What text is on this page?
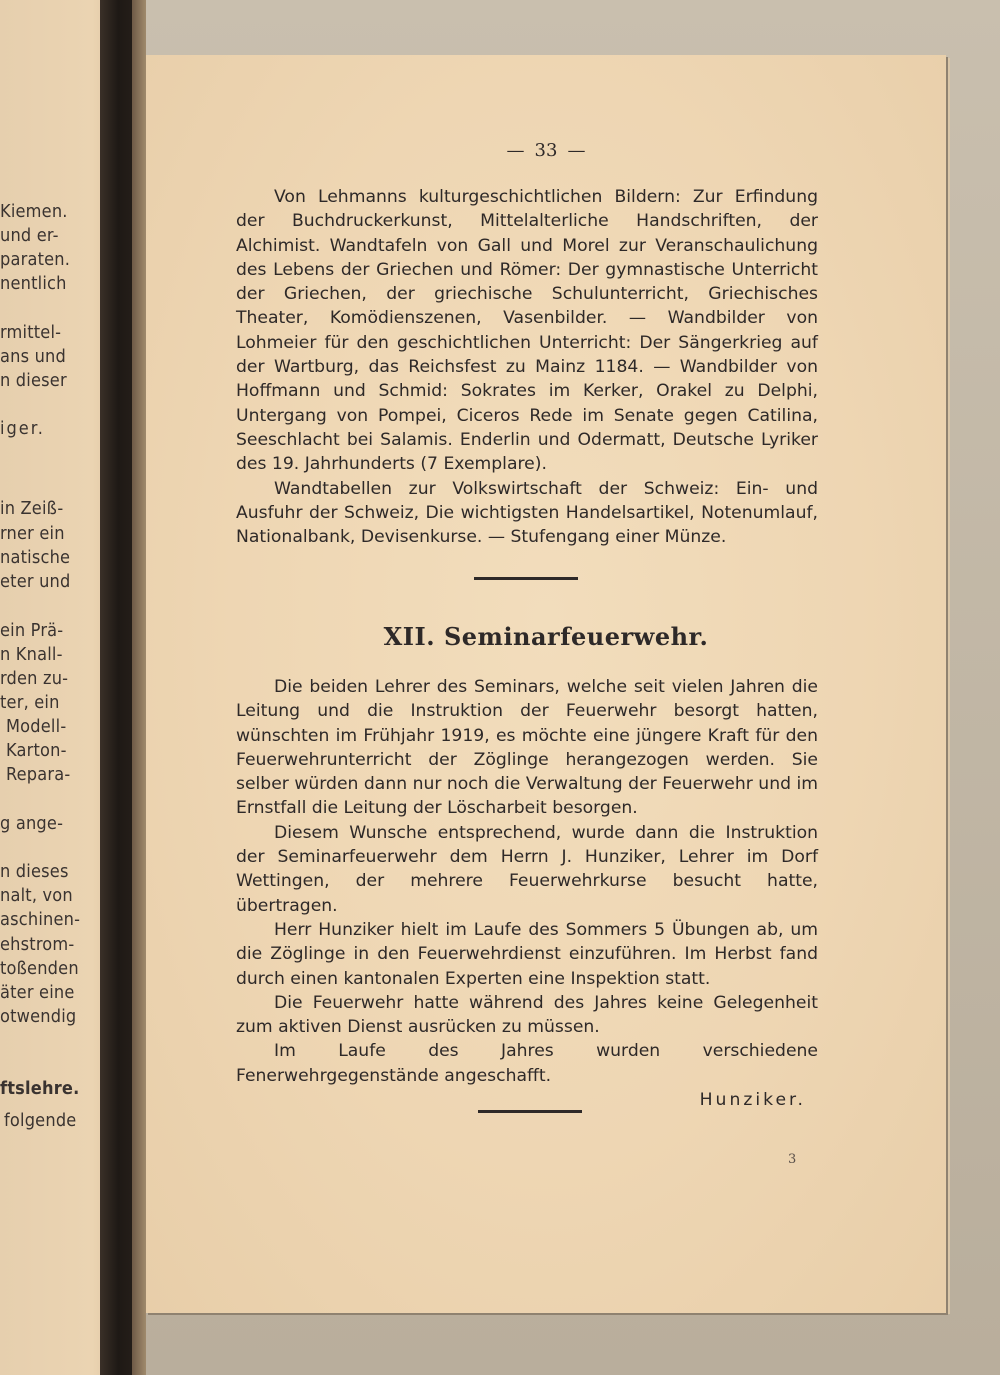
Kiemen.
und er-
paraten.
nentlich
rmittel-
ans und
n dieser
iger.
in Zeiß-
rner ein
natische
eter und
ein Prä-
n Knall-
rden zu-
ter, ein
Modell-
Karton-
Repara-
g ange-
n dieses
nalt, von
aschinen-
ehstrom-
toßenden
äter eine
otwendig
ftslehre.
folgende
— 33 —

Von Lehmanns kulturgeschichtlichen Bildern: Zur Erfindung der Buchdruckerkunst, Mittelalterliche Handschriften, der Alchimist. Wandtafeln von Gall und Morel zur Veranschaulichung des Lebens der Griechen und Römer: Der gymnastische Unterricht der Griechen, der griechische Schulunterricht, Griechisches Theater, Komödienszenen, Vasenbilder. — Wandbilder von Lohmeier für den geschichtlichen Unterricht: Der Sängerkrieg auf der Wartburg, das Reichsfest zu Mainz 1184. — Wandbilder von Hoffmann und Schmid: Sokrates im Kerker, Orakel zu Delphi, Untergang von Pompei, Ciceros Rede im Senate gegen Catilina, Seeschlacht bei Salamis. Enderlin und Odermatt, Deutsche Lyriker des 19. Jahrhunderts (7 Exemplare).

Wandtabellen zur Volkswirtschaft der Schweiz: Ein- und Ausfuhr der Schweiz, Die wichtigsten Handelsartikel, Notenumlauf, Nationalbank, Devisenkurse. — Stufengang einer Münze.

XII. Seminarfeuerwehr.

Die beiden Lehrer des Seminars, welche seit vielen Jahren die Leitung und die Instruktion der Feuerwehr besorgt hatten, wünschten im Frühjahr 1919, es möchte eine jüngere Kraft für den Feuerwehrunterricht der Zöglinge herangezogen werden. Sie selber würden dann nur noch die Verwaltung der Feuerwehr und im Ernstfall die Leitung der Löscharbeit besorgen.

Diesem Wunsche entsprechend, wurde dann die Instruktion der Seminarfeuerwehr dem Herrn J. Hunziker, Lehrer im Dorf Wettingen, der mehrere Feuerwehrkurse besucht hatte, übertragen.

Herr Hunziker hielt im Laufe des Sommers 5 Übungen ab, um die Zöglinge in den Feuerwehrdienst einzuführen. Im Herbst fand durch einen kantonalen Experten eine Inspektion statt.

Die Feuerwehr hatte während des Jahres keine Gelegenheit zum aktiven Dienst ausrücken zu müssen.

Im Laufe des Jahres wurden verschiedene Fenerwehrgegenstände angeschafft.

Hunziker.
3
